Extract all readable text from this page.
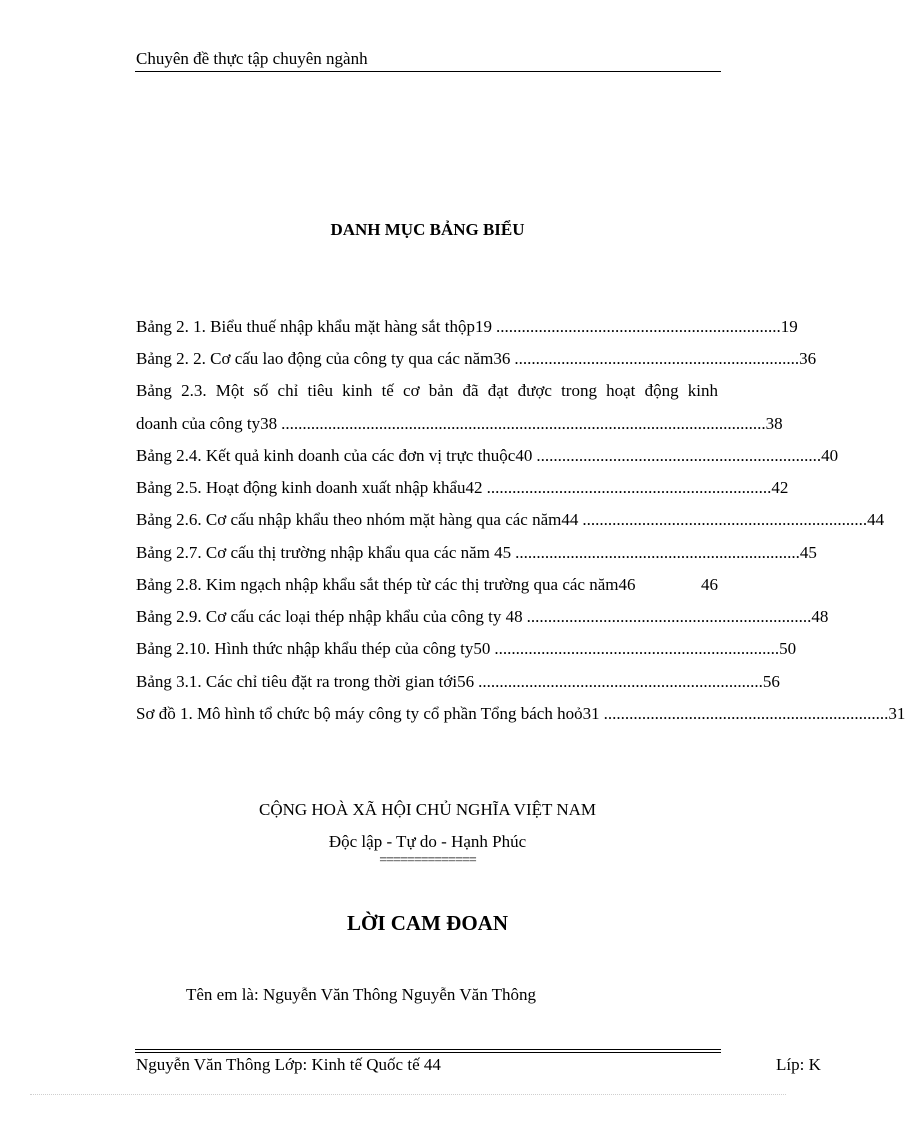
Chuyên đề thực tập chuyên ngành
DANH MỤC BẢNG BIỂU
Bảng 2. 1. Biểu thuế nhập khẩu mặt hàng sắt thộp19 ................................................................... 19
Bảng 2. 2. Cơ cấu lao động của công ty qua các năm36 ................................................................... 36
Bảng 2.3. Một số chỉ tiêu kinh tế cơ bản đã đạt được trong hoạt động kinh
doanh của công ty38 .................................................................................................................. 38
Bảng 2.4. Kết quả kinh doanh của các đơn vị trực thuộc40 ................................................................... 40
Bảng 2.5. Hoạt động kinh doanh xuất nhập khẩu42 ................................................................... 42
Bảng 2.6. Cơ cấu nhập khẩu theo nhóm mặt hàng qua các năm44 ................................................................... 44
Bảng 2.7. Cơ cấu thị trường nhập khẩu qua các năm 45 ................................................................... 45
Bảng 2.8. Kim ngạch nhập khẩu sắt thép từ các thị trường qua các năm46	46
Bảng 2.9. Cơ cấu các loại thép nhập khẩu của công ty 48 ................................................................... 48
Bảng 2.10. Hình thức nhập khẩu thép của công ty50 ................................................................... 50
Bảng 3.1. Các chỉ tiêu đặt ra trong thời gian tới56 ................................................................... 56
Sơ đồ 1. Mô hình tổ chức bộ máy công ty cổ phần Tổng bách hoỏ31 ................................................................... 31
CỘNG HOÀ XÃ HỘI CHỦ NGHĨA VIỆT NAM
Độc lập - Tự do - Hạnh Phúc
==============
LỜI CAM ĐOAN
Tên em là: Nguyễn Văn Thông Nguyễn Văn Thông
Nguyễn Văn Thông Lớp: Kinh tế Quốc tế 44	Líp: K
